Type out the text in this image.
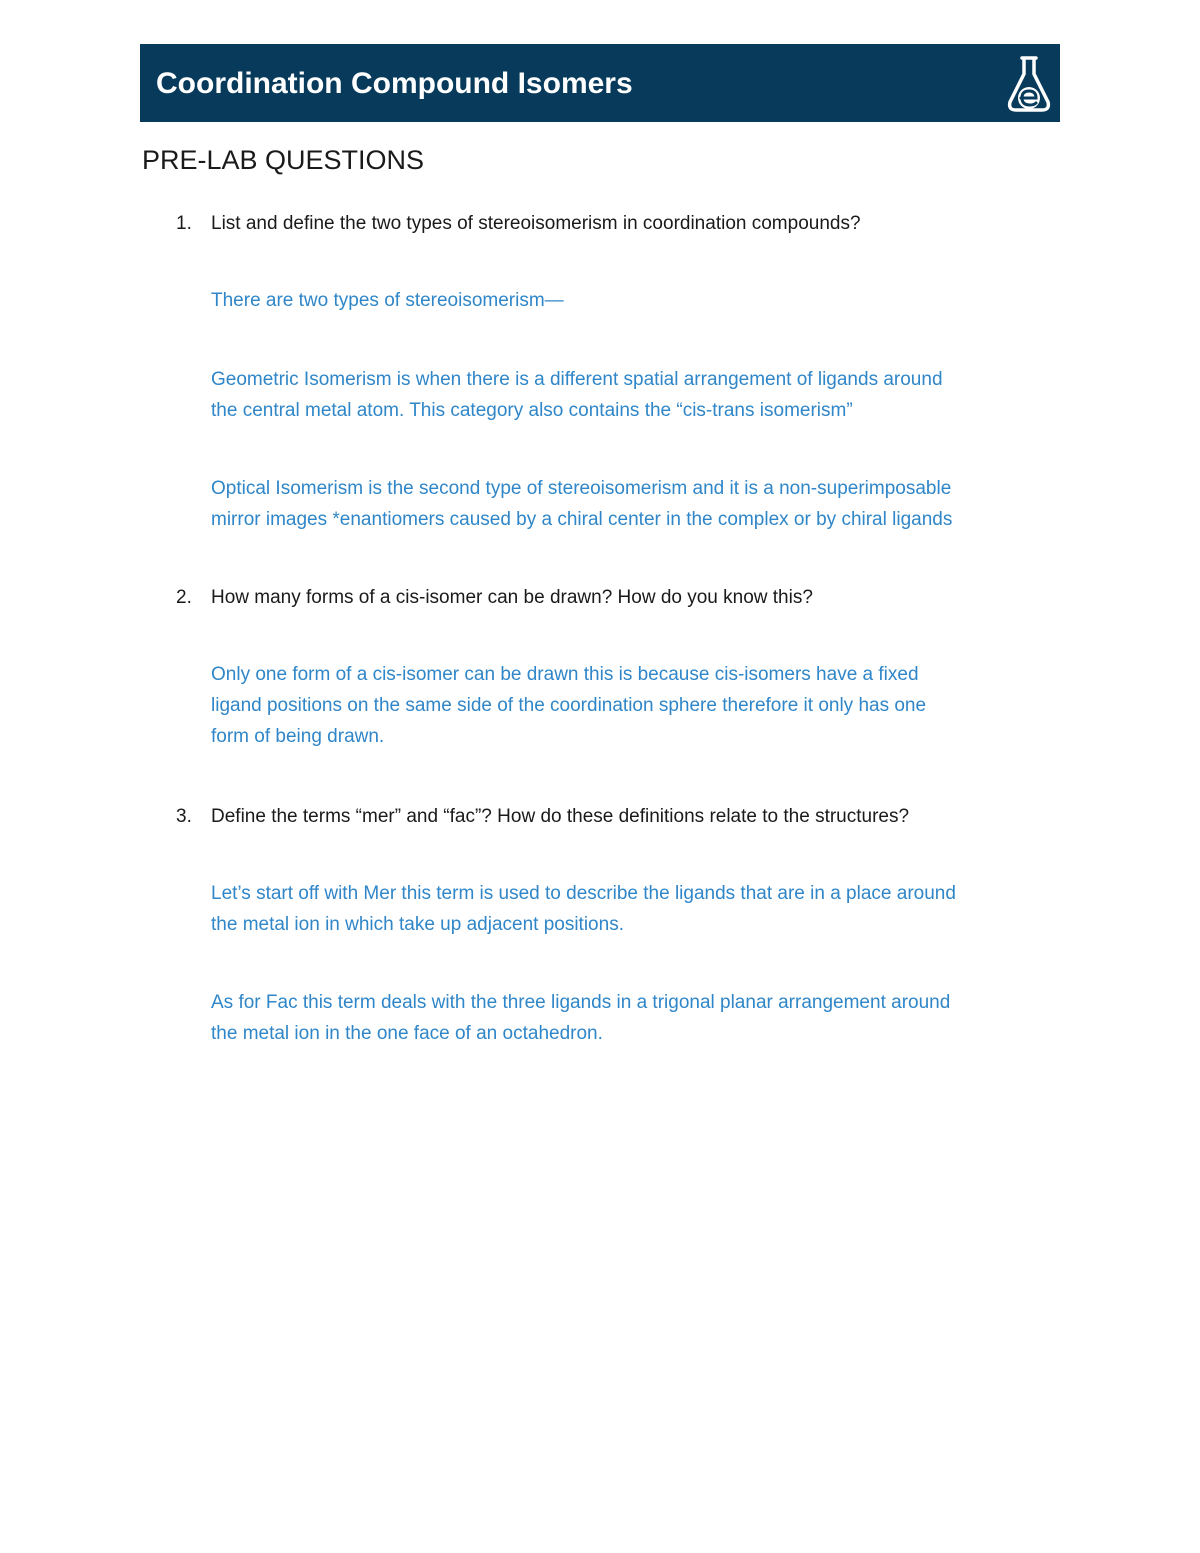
Coordination Compound Isomers
PRE-LAB QUESTIONS
1. List and define the two types of stereoisomerism in coordination compounds?

There are two types of stereoisomerism—

Geometric Isomerism is when there is a different spatial arrangement of ligands around
the central metal atom. This category also contains the “cis-trans isomerism”

Optical Isomerism is the second type of stereoisomerism and it is a non-superimposable
mirror images *enantiomers caused by a chiral center in the complex or by chiral ligands

2. How many forms of a cis-isomer can be drawn? How do you know this?

Only one form of a cis-isomer can be drawn this is because cis-isomers have a fixed
ligand positions on the same side of the coordination sphere therefore it only has one
form of being drawn.

3. Define the terms “mer” and “fac”? How do these definitions relate to the structures?

Let’s start off with Mer this term is used to describe the ligands that are in a place around
the metal ion in which take up adjacent positions.

As for Fac this term deals with the three ligands in a trigonal planar arrangement around
the metal ion in the one face of an octahedron.
